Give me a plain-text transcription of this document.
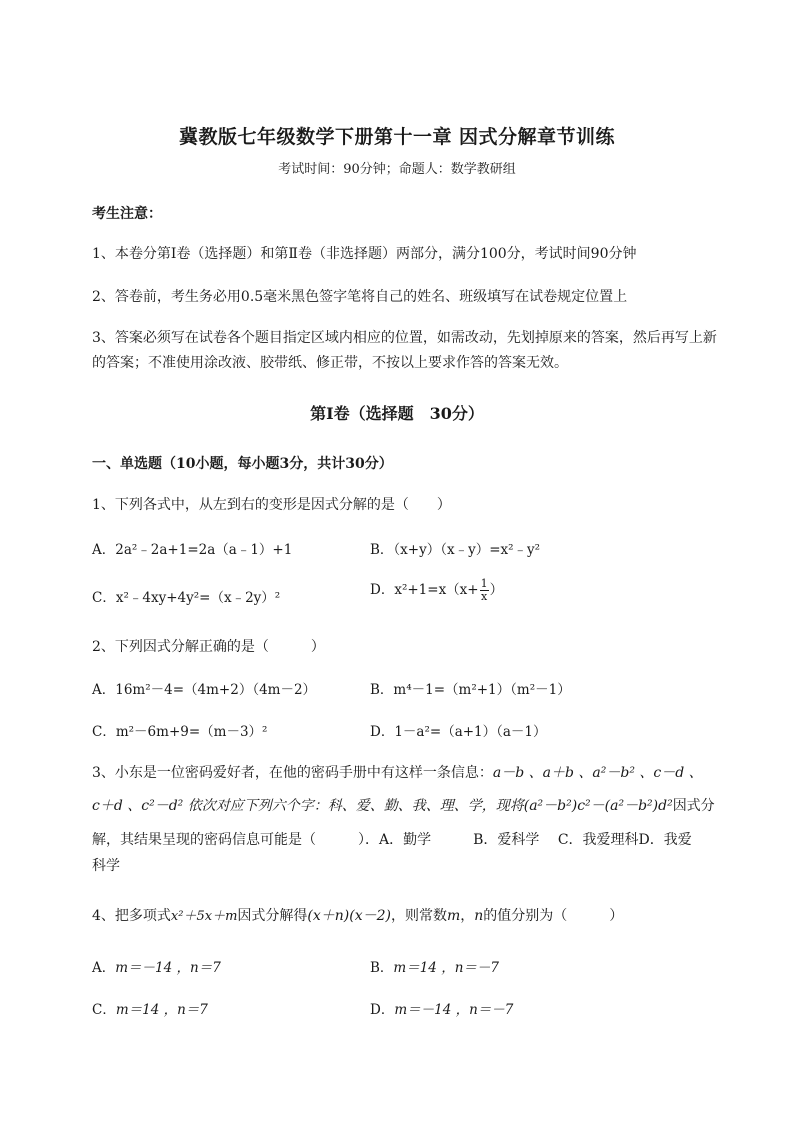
冀教版七年级数学下册第十一章 因式分解章节训练
考试时间：90分钟；命题人：数学教研组
考生注意：
1、本卷分第Ⅰ卷（选择题）和第Ⅱ卷（非选择题）两部分，满分100分，考试时间90分钟
2、答卷前，考生务必用0.5毫米黑色签字笔将自己的姓名、班级填写在试卷规定位置上
3、答案必须写在试卷各个题目指定区域内相应的位置，如需改动，先划掉原来的答案，然后再写上新
的答案；不准使用涂改液、胶带纸、修正带，不按以上要求作答的答案无效。
第Ⅰ卷（选择题　30分）
一、单选题（10小题，每小题3分，共计30分）
1、下列各式中，从左到右的变形是因式分解的是（　　）
A．2a²﹣2a+1=2a（a﹣1）+1	B．（x+y）（x﹣y）=x²﹣y²
C．x²﹣4xy+4y²=（x﹣2y）²	D．$x^2+1=x(x+ \frac{1}{x}$ ）
2、下列因式分解正确的是（　　　）
A．16m²－4=（4m+2）（4m－2）	B．m⁴－1=（m²+1）（m²－1）
C．m²－6m+9=（m－3）²	D．1－a²=（a+1）（a－1）
3、小东是一位密码爱好者，在他的密码手册中有这样一条信息：a－b 、a＋b 、a²－b² 、c－d 、
c＋d 、c²－d² 依次对应下列六个字：科、爱、勤、我、理、学，现将(a²－b²)c²－(a²－b²)d²因式分
解，其结果呈现的密码信息可能是（　　　）．A．勤学　　　B．爱科学　 C．我爱理科D．我爱
科学
4、把多项式x²＋5x＋m因式分解得(x＋n)(x－2)，则常数m，n的值分别为（　　　）
A．m＝－14 ，n＝7	B．m＝14 ，n＝－7
C．m＝14 ，n＝7	D．m＝－14 ，n＝－7
